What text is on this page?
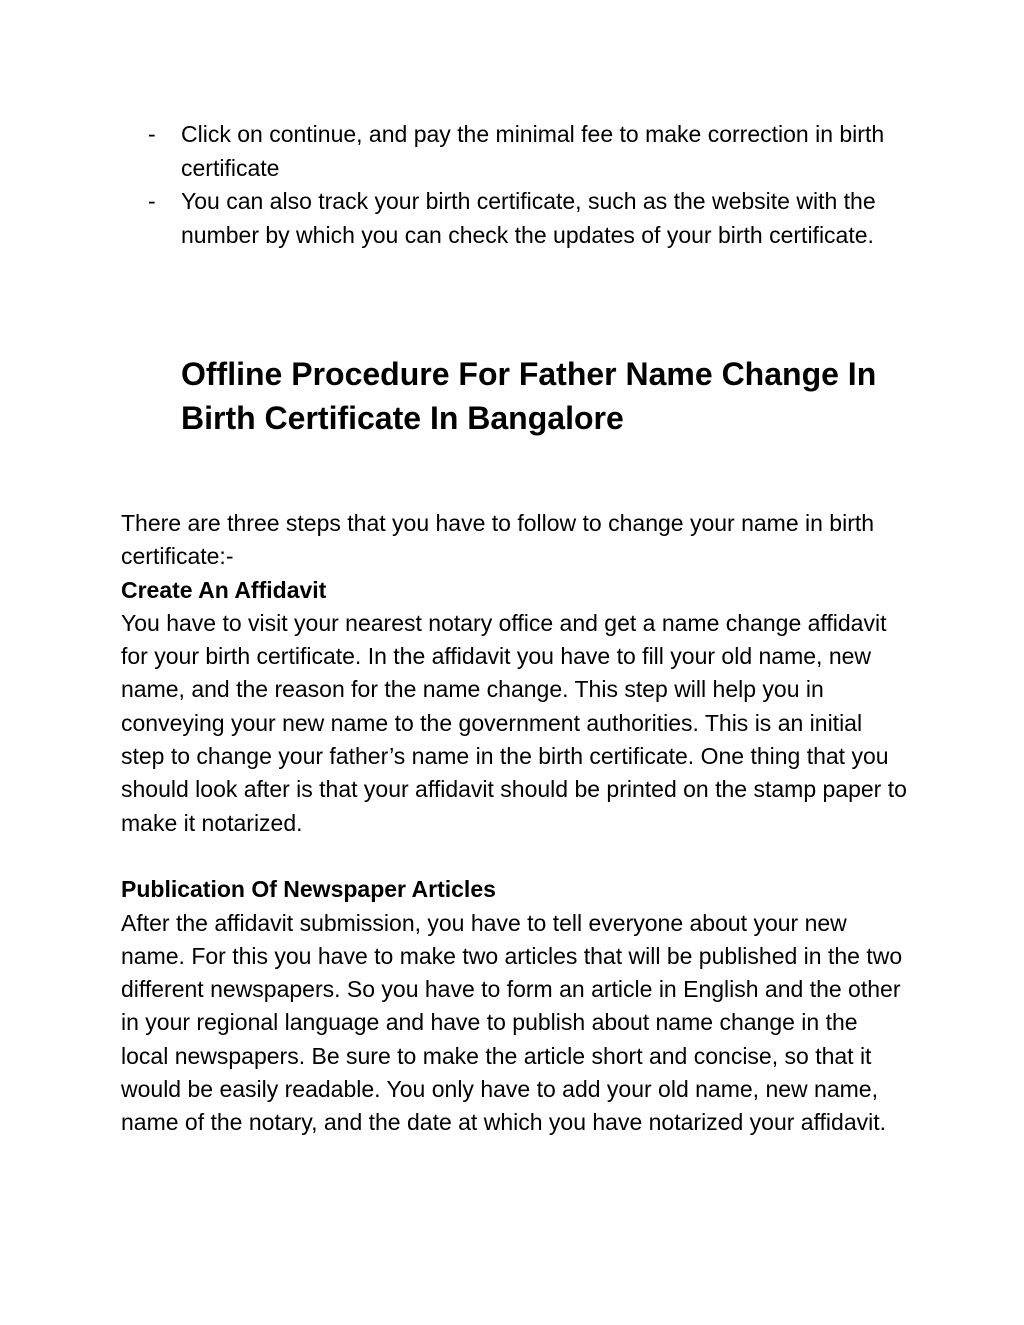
- Click on continue, and pay the minimal fee to make correction in birth certificate
- You can also track your birth certificate, such as the website with the number by which you can check the updates of your birth certificate.
Offline Procedure For Father Name Change In Birth Certificate In Bangalore

There are three steps that you have to follow to change your name in birth certificate:-

Create An Affidavit

You have to visit your nearest notary office and get a name change affidavit for your birth certificate. In the affidavit you have to fill your old name, new name, and the reason for the name change. This step will help you in conveying your new name to the government authorities. This is an initial step to change your father’s name in the birth certificate. One thing that you should look after is that your affidavit should be printed on the stamp paper to make it notarized.

Publication Of Newspaper Articles

After the affidavit submission, you have to tell everyone about your new name. For this you have to make two articles that will be published in the two different newspapers. So you have to form an article in English and the other in your regional language and have to publish about name change in the local newspapers. Be sure to make the article short and concise, so that it would be easily readable. You only have to add your old name, new name, name of the notary, and the date at which you have notarized your affidavit.
